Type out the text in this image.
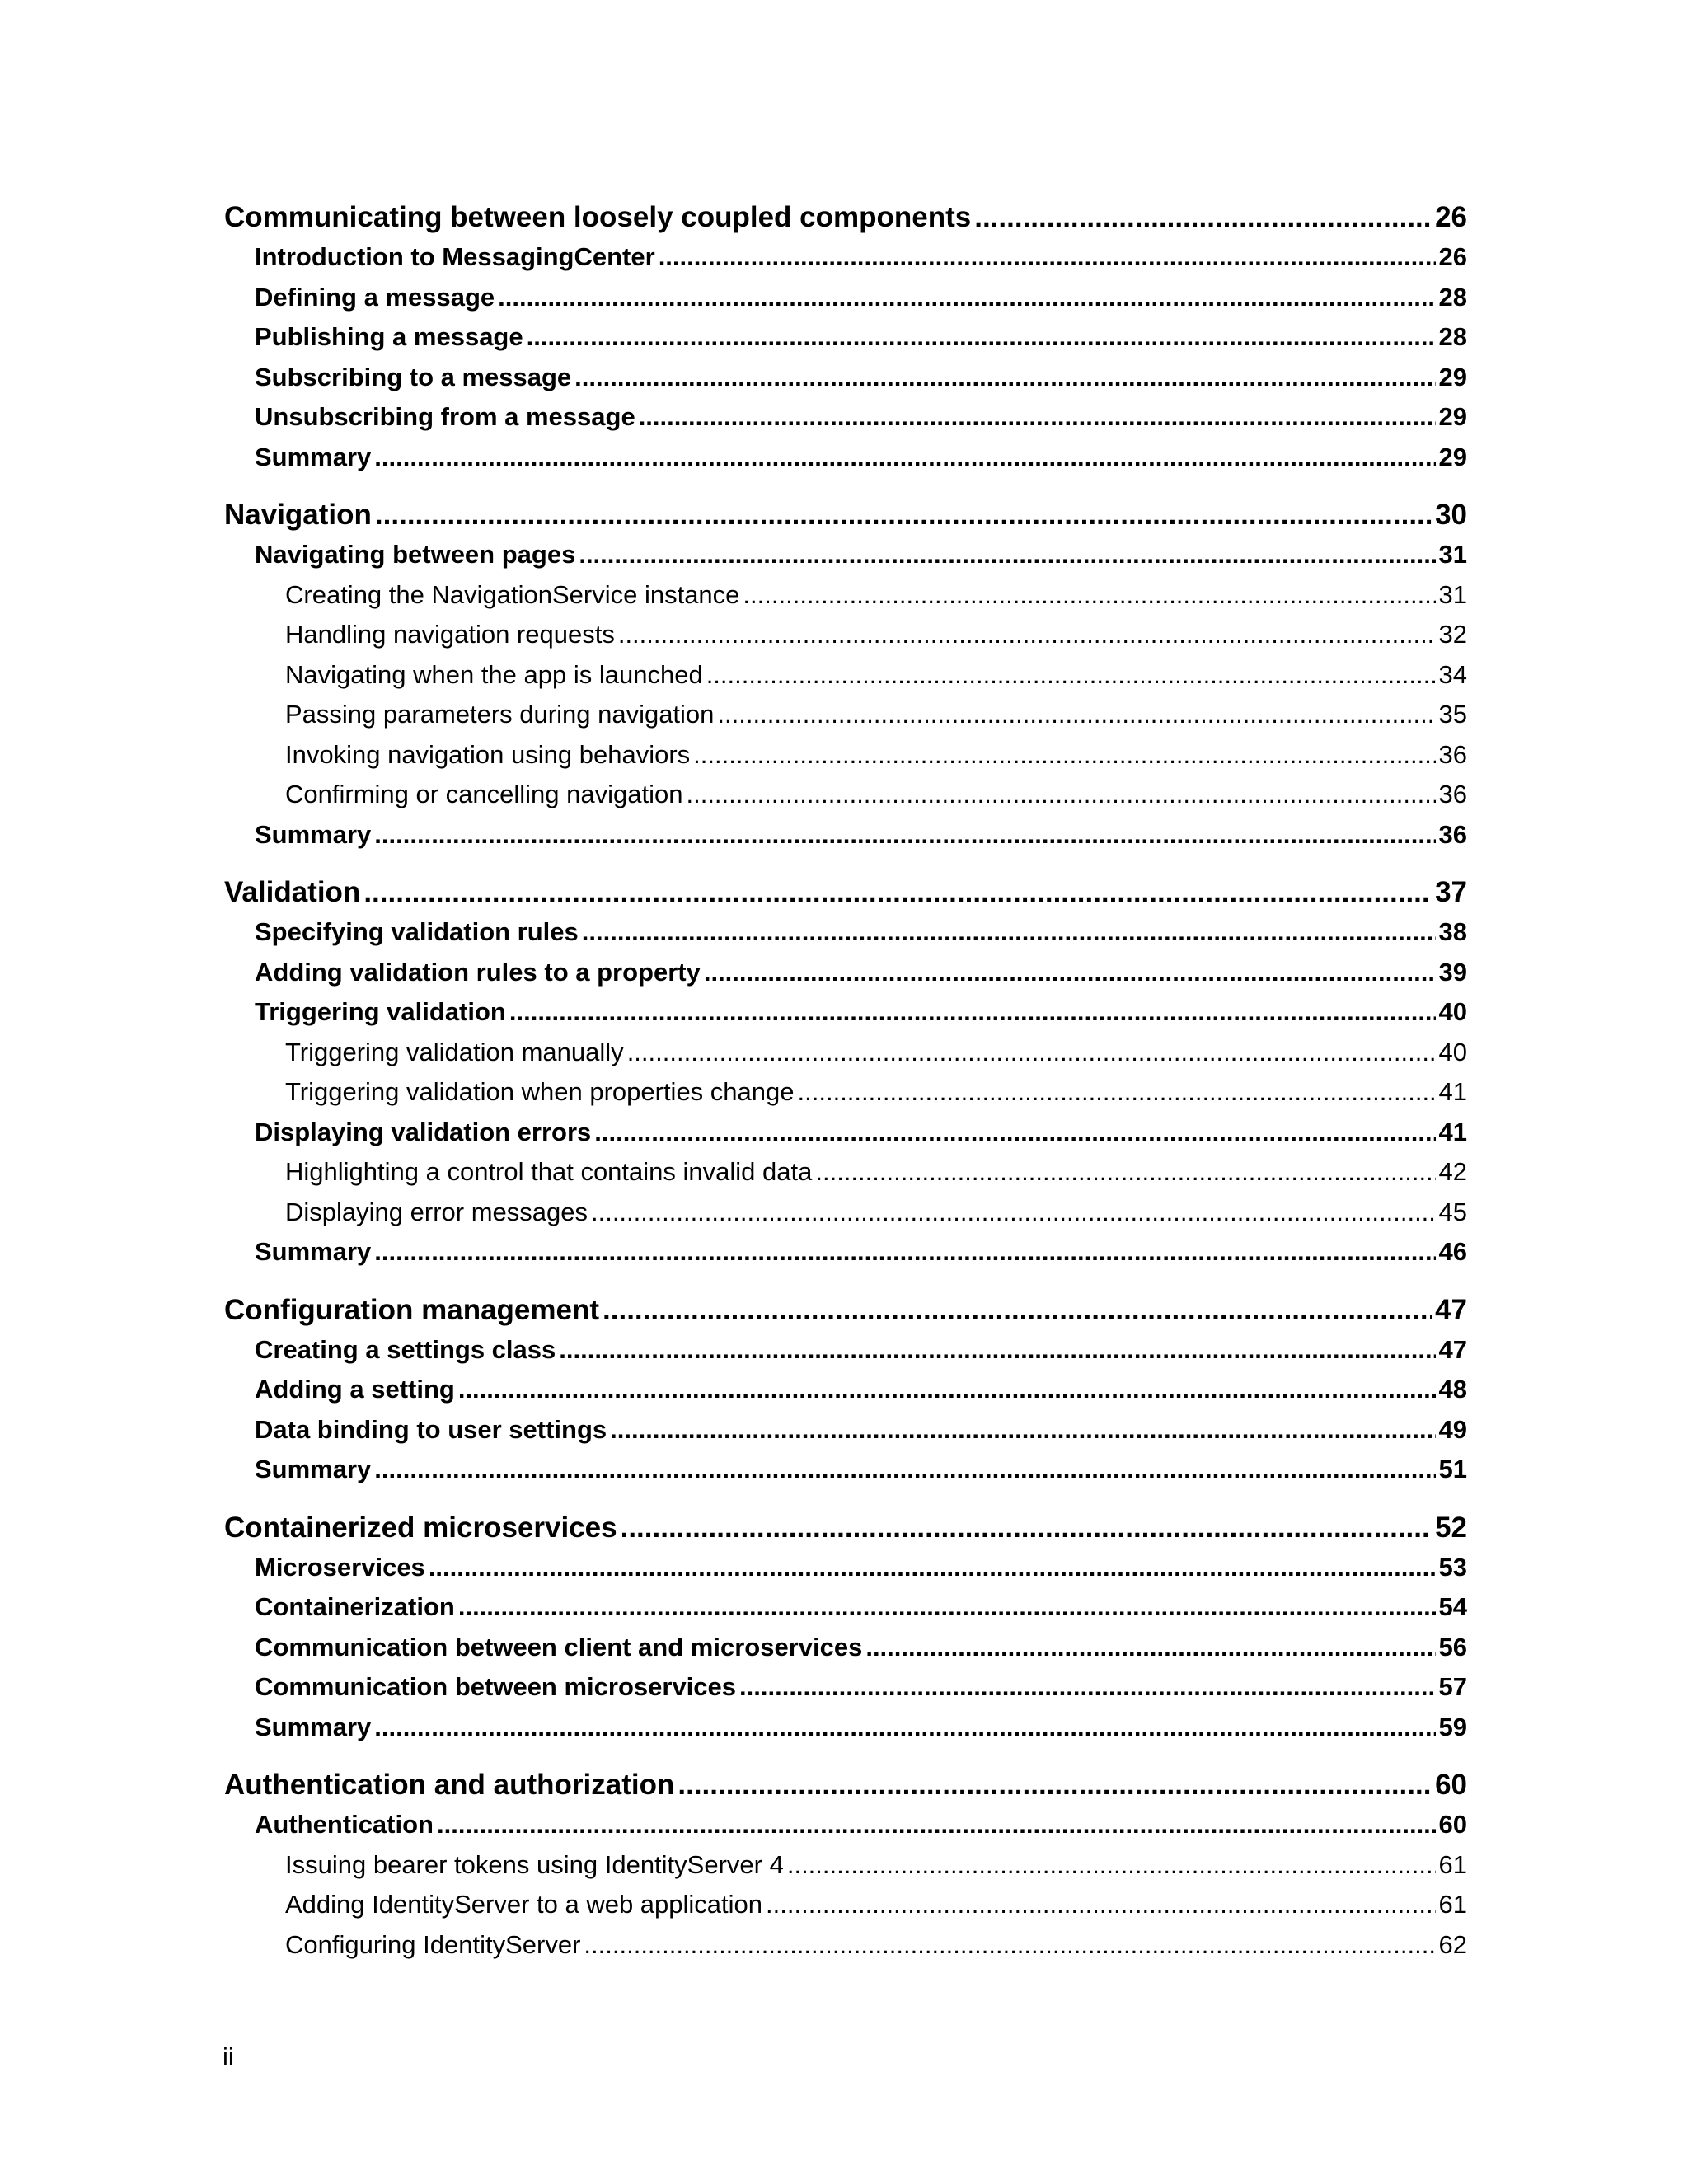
Communicating between loosely coupled components .....	26
Introduction to MessagingCenter .....	26
Defining a message .....	28
Publishing a message .....	28
Subscribing to a message .....	29
Unsubscribing from a message .....	29
Summary .....	29
Navigation .....	30
Navigating between pages .....	31
Creating the NavigationService instance .....	31
Handling navigation requests .....	32
Navigating when the app is launched .....	34
Passing parameters during navigation .....	35
Invoking navigation using behaviors .....	36
Confirming or cancelling navigation .....	36
Summary .....	36
Validation .....	37
Specifying validation rules .....	38
Adding validation rules to a property .....	39
Triggering validation .....	40
Triggering validation manually .....	40
Triggering validation when properties change .....	41
Displaying validation errors .....	41
Highlighting a control that contains invalid data .....	42
Displaying error messages .....	45
Summary .....	46
Configuration management .....	47
Creating a settings class .....	47
Adding a setting .....	48
Data binding to user settings .....	49
Summary .....	51
Containerized microservices .....	52
Microservices .....	53
Containerization .....	54
Communication between client and microservices .....	56
Communication between microservices .....	57
Summary .....	59
Authentication and authorization .....	60
Authentication .....	60
Issuing bearer tokens using IdentityServer 4 .....	61
Adding IdentityServer to a web application .....	61
Configuring IdentityServer .....	62
ii
